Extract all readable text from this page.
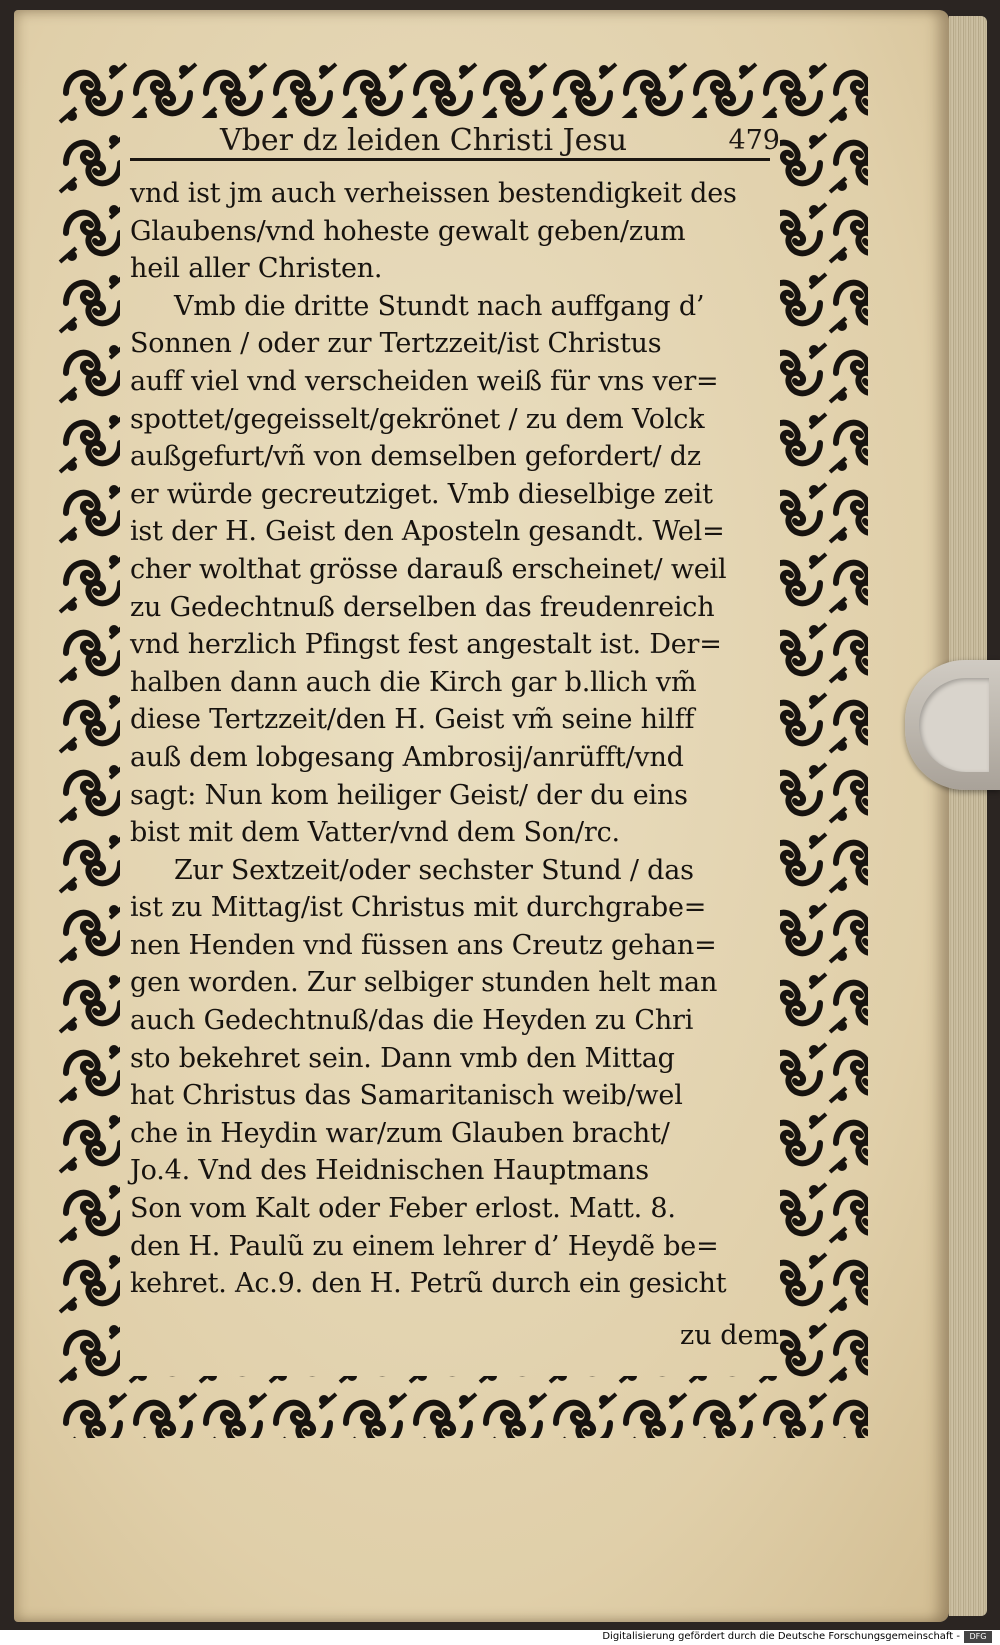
Vber dz leiden Christi Jesu	479
vnd ist jm auch verheissen bestendigkeit des
Glaubens/vnd hoheste gewalt geben/zum
heil aller Christen.
Vmb die dritte Stundt nach auffgang d’
Sonnen / oder zur Tertzzeit/ist Christus
auff viel vnd verscheiden weiß für vns ver=
spottet/gegeisselt/gekrönet / zu dem Volck
außgefurt/vñ von demselben gefordert/ dz
er würde gecreutziget. Vmb dieselbige zeit
ist der H. Geist den Aposteln gesandt. Wel=
cher wolthat grösse darauß erscheinet/ weil
zu Gedechtnuß derselben das freudenreich
vnd herzlich Pfingst fest angestalt ist. Der=
halben dann auch die Kirch gar b.llich vm̃
diese Tertzzeit/den H. Geist vm̃ seine hilff
auß dem lobgesang Ambrosij/anrüfft/vnd
sagt: Nun kom heiliger Geist/ der du eins
bist mit dem Vatter/vnd dem Son/rc.
Zur Sextzeit/oder sechster Stund / das
ist zu Mittag/ist Christus mit durchgrabe=
nen Henden vnd füssen ans Creutz gehan=
gen worden. Zur selbiger stunden helt man
auch Gedechtnuß/das die Heyden zu Chri
sto bekehret sein. Dann vmb den Mittag
hat Christus das Samaritanisch weib/wel
che in Heydin war/zum Glauben bracht/
Jo.4. Vnd des Heidnischen Hauptmans
Son vom Kalt oder Feber erlost. Matt. 8.
den H. Paulũ zu einem lehrer d’ Heydẽ be=
kehret. Ac.9. den H. Petrũ durch ein gesicht
zu dem
Digitalisierung gefördert durch die Deutsche Forschungsgemeinschaft -	DFG
